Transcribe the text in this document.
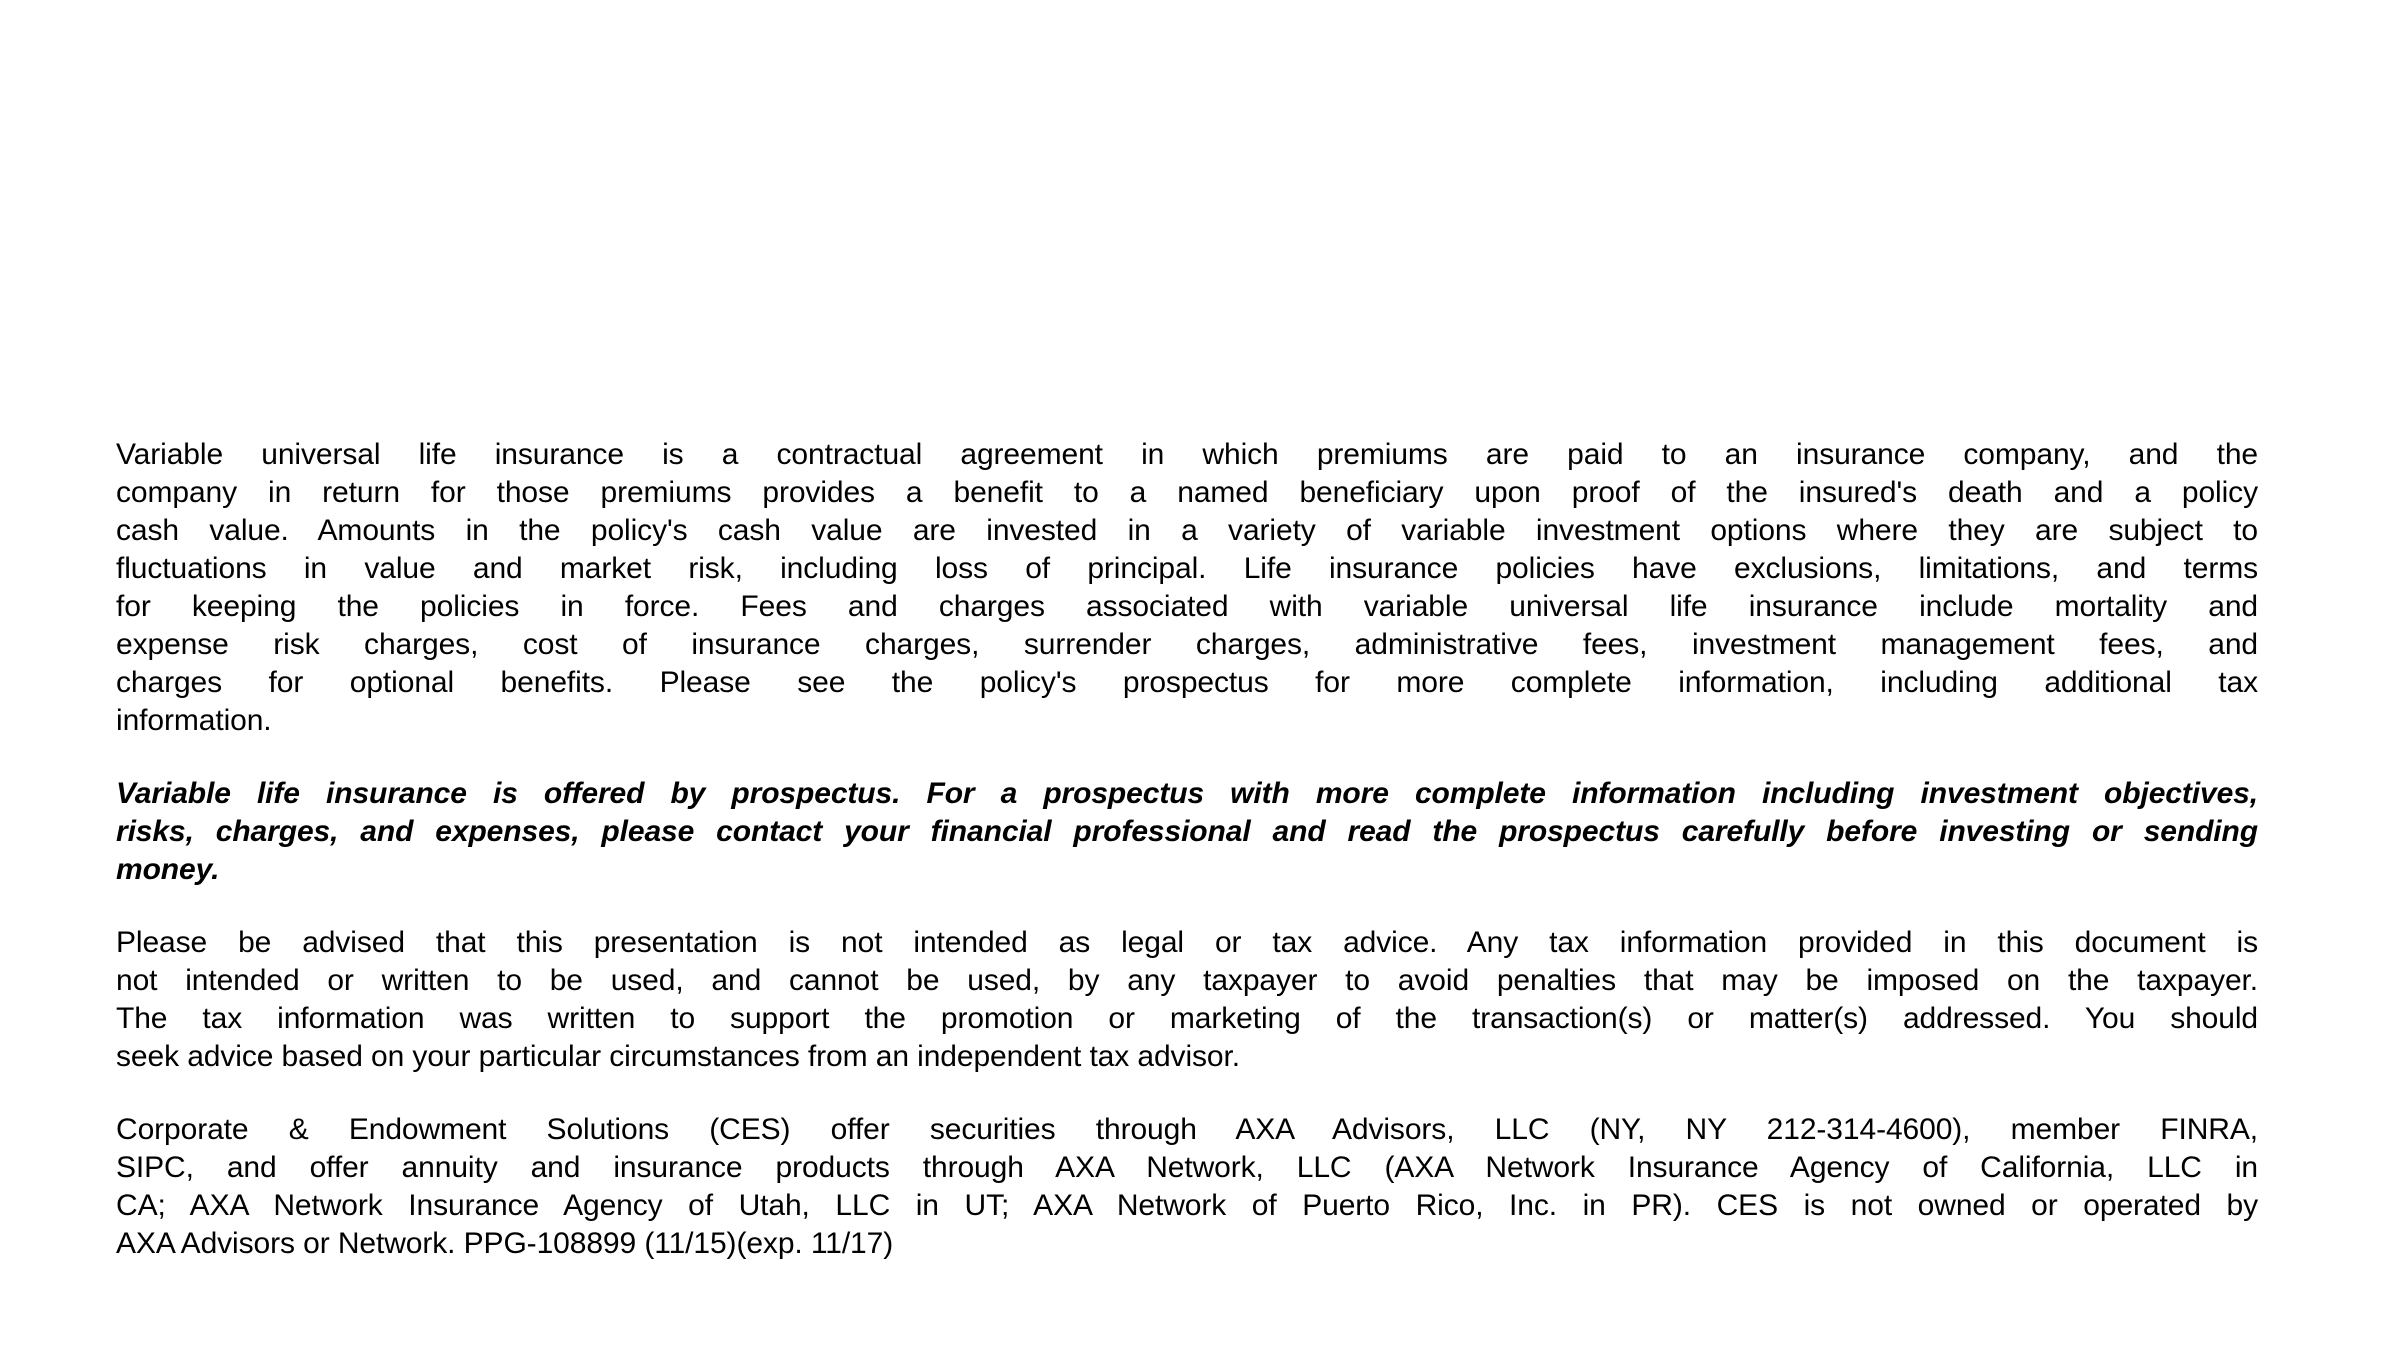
Variable universal life insurance is a contractual agreement in which premiums are paid to an insurance company, and the
company in return for those premiums provides a benefit to a named beneficiary upon proof of the insured's death and a policy
cash value. Amounts in the policy's cash value are invested in a variety of variable investment options where they are subject to
fluctuations in value and market risk, including loss of principal. Life insurance policies have exclusions, limitations, and terms
for keeping the policies in force. Fees and charges associated with variable universal life insurance include mortality and
expense risk charges, cost of insurance charges, surrender charges, administrative fees, investment management fees, and
charges for optional benefits. Please see the policy's prospectus for more complete information, including additional tax
information.
Variable life insurance is offered by prospectus. For a prospectus with more complete information including investment objectives,
risks, charges, and expenses, please contact your financial professional and read the prospectus carefully before investing or sending
money.
Please be advised that this presentation is not intended as legal or tax advice. Any tax information provided in this document is
not intended or written to be used, and cannot be used, by any taxpayer to avoid penalties that may be imposed on the taxpayer.
The tax information was written to support the promotion or marketing of the transaction(s) or matter(s) addressed. You should
seek advice based on your particular circumstances from an independent tax advisor.
Corporate & Endowment Solutions (CES) offer securities through AXA Advisors, LLC (NY, NY 212-314-4600), member FINRA,
SIPC, and offer annuity and insurance products through AXA Network, LLC (AXA Network Insurance Agency of California, LLC in
CA; AXA Network Insurance Agency of Utah, LLC in UT; AXA Network of Puerto Rico, Inc. in PR). CES is not owned or operated by
AXA Advisors or Network. PPG-108899 (11/15)(exp. 11/17)
